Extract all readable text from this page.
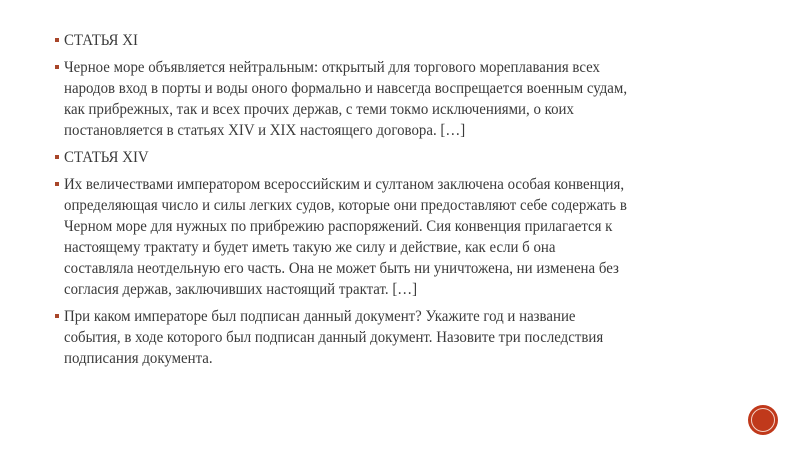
СТАТЬЯ XI
Черное море объявляется нейтральным: открытый для торгового мореплавания всех
народов вход в порты и воды оного формально и навсегда воспрещается военным судам,
как прибрежных, так и всех прочих держав, с теми токмо исключениями, о коих
постановляется в статьях XIV и XIX настоящего договора. […]
СТАТЬЯ XIV
Их величествами императором всероссийским и султаном заключена особая конвенция,
определяющая число и силы легких судов, которые они предоставляют себе содержать в
Черном море для нужных по прибрежию распоряжений. Сия конвенция прилагается к
настоящему трактату и будет иметь такую же силу и действие, как если б она
составляла неотдельную его часть. Она не может быть ни уничтожена, ни изменена без
согласия держав, заключивших настоящий трактат. […]
При каком императоре был подписан данный документ? Укажите год и название
события, в ходе которого был подписан данный документ. Назовите три последствия
подписания документа.
